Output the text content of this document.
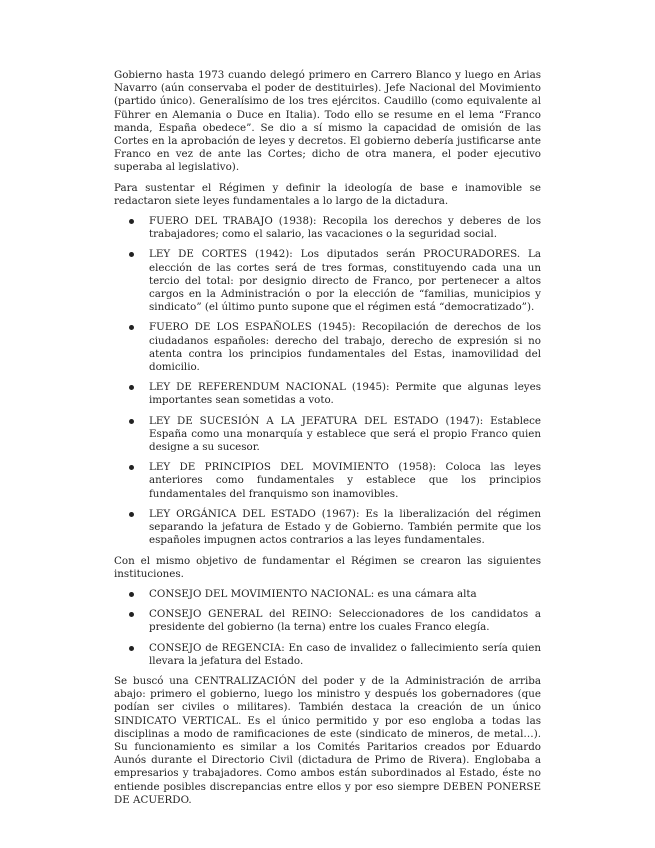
Gobierno hasta 1973 cuando delegó primero en Carrero Blanco y luego en Arias Navarro (aún conservaba el poder de destituirles). Jefe Nacional del Movimiento (partido único). Generalísimo de los tres ejércitos. Caudillo (como equivalente al Führer en Alemania o Duce en Italia). Todo ello se resume en el lema “Franco manda, España obedece”. Se dio a sí mismo la capacidad de omisión de las Cortes en la aprobación de leyes y decretos. El gobierno debería justificarse ante Franco en vez de ante las Cortes; dicho de otra manera, el poder ejecutivo superaba al legislativo).

Para sustentar el Régimen y definir la ideología de base e inamovible se redactaron siete leyes fundamentales a lo largo de la dictadura.

FUERO DEL TRABAJO (1938): Recopila los derechos y deberes de los trabajadores; como el salario, las vacaciones o la seguridad social.
LEY DE CORTES (1942): Los diputados serán PROCURADORES. La elección de las cortes será de tres formas, constituyendo cada una un tercio del total: por designio directo de Franco, por pertenecer a altos cargos en la Administración o por la elección de “familias, municipios y sindicato” (el último punto supone que el régimen está “democratizado”).
FUERO DE LOS ESPAÑOLES (1945): Recopilación de derechos de los ciudadanos españoles: derecho del trabajo, derecho de expresión si no atenta contra los principios fundamentales del Estas, inamovilidad del domicilio.
LEY DE REFERENDUM NACIONAL (1945): Permite que algunas leyes importantes sean sometidas a voto.
LEY DE SUCESIÓN A LA JEFATURA DEL ESTADO (1947): Establece España como una monarquía y establece que será el propio Franco quien designe a su sucesor.
LEY DE PRINCIPIOS DEL MOVIMIENTO (1958): Coloca las leyes anteriores como fundamentales y establece que los principios fundamentales del franquismo son inamovibles.
LEY ORGÁNICA DEL ESTADO (1967): Es la liberalización del régimen separando la jefatura de Estado y de Gobierno. También permite que los españoles impugnen actos contrarios a las leyes fundamentales.

Con el mismo objetivo de fundamentar el Régimen se crearon las siguientes instituciones.

CONSEJO DEL MOVIMIENTO NACIONAL: es una cámara alta
CONSEJO GENERAL del REINO: Seleccionadores de los candidatos a presidente del gobierno (la terna) entre los cuales Franco elegía.
CONSEJO de REGENCIA: En caso de invalidez o fallecimiento sería quien llevara la jefatura del Estado.

Se buscó una CENTRALIZACIÓN del poder y de la Administración de arriba abajo: primero el gobierno, luego los ministro y después los gobernadores (que podían ser civiles o militares). También destaca la creación de un único SINDICATO VERTICAL. Es el único permitido y por eso engloba a todas las disciplinas a modo de ramificaciones de este (sindicato de mineros, de metal…). Su funcionamiento es similar a los Comités Paritarios creados por Eduardo Aunós durante el Directorio Civil (dictadura de Primo de Rivera). Englobaba a empresarios y trabajadores. Como ambos están subordinados al Estado, éste no entiende posibles discrepancias entre ellos y por eso siempre DEBEN PONERSE DE ACUERDO.
